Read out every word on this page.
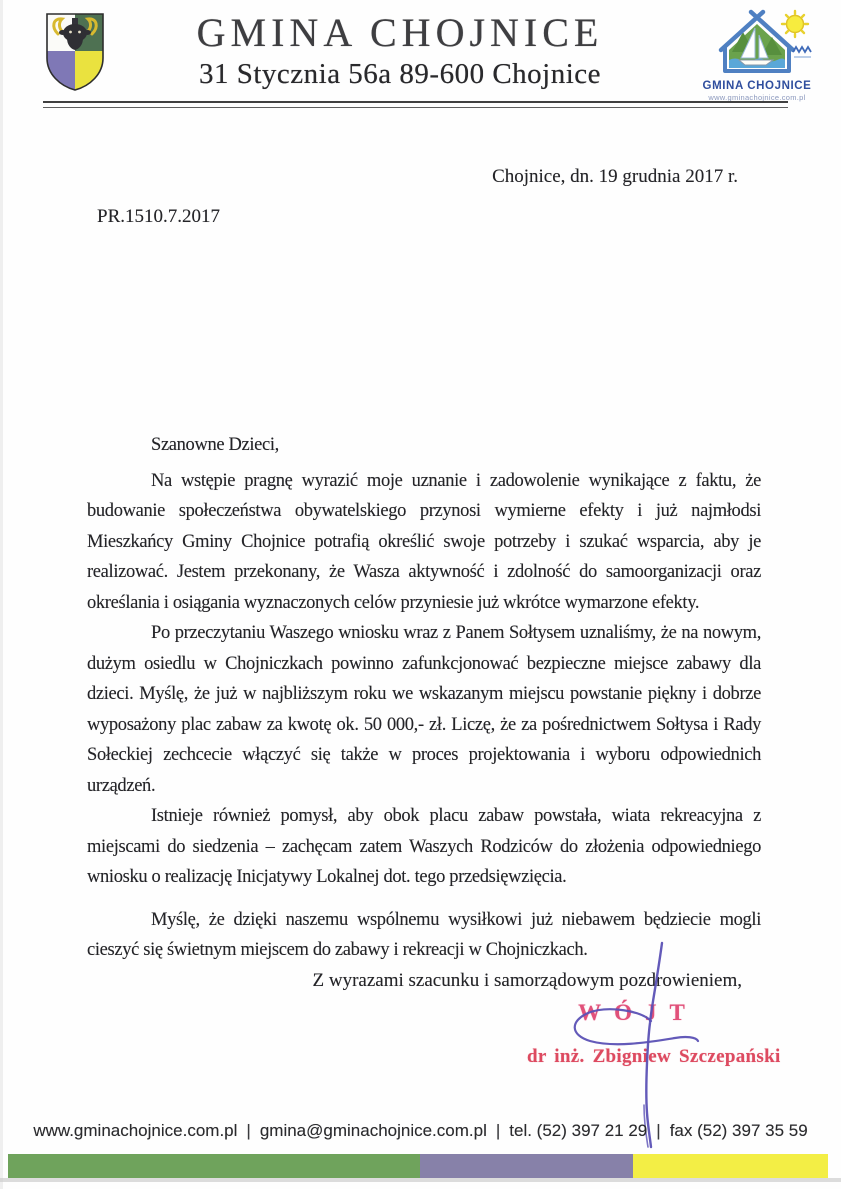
GMINA CHOJNICE
31 Stycznia 56a 89-600 Chojnice	GMINA CHOJNICE
www.gminachojnice.com.pl
Chojnice, dn. 19 grudnia 2017 r.
PR.1510.7.2017

Szanowne Dzieci,

Na wstępie pragnę wyrazić moje uznanie i zadowolenie wynikające z faktu, że budowanie społeczeństwa obywatelskiego przynosi wymierne efekty i już najmłodsi Mieszkańcy Gminy Chojnice potrafią określić swoje potrzeby i szukać wsparcia, aby je realizować. Jestem przekonany, że Wasza aktywność i zdolność do samoorganizacji oraz określania i osiągania wyznaczonych celów przyniesie już wkrótce wymarzone efekty.

Po przeczytaniu Waszego wniosku wraz z Panem Sołtysem uznaliśmy, że na nowym, dużym osiedlu w Chojniczkach powinno zafunkcjonować bezpieczne miejsce zabawy dla dzieci. Myślę, że już w najbliższym roku we wskazanym miejscu powstanie piękny i dobrze wyposażony plac zabaw za kwotę ok. 50 000,- zł. Liczę, że za pośrednictwem Sołtysa i Rady Sołeckiej zechcecie włączyć się także w proces projektowania i wyboru odpowiednich urządzeń.

Istnieje również pomysł, aby obok placu zabaw powstała, wiata rekreacyjna z miejscami do siedzenia – zachęcam zatem Waszych Rodziców do złożenia odpowiedniego wniosku o realizację Inicjatywy Lokalnej dot. tego przedsięwzięcia.

Myślę, że dzięki naszemu wspólnemu wysiłkowi już niebawem będziecie mogli cieszyć się świetnym miejscem do zabawy i rekreacji w Chojniczkach.

Z wyrazami szacunku i samorządowym pozdrowieniem,
WÓJT
dr inż. Zbigniew Szczepański
www.gminachojnice.com.pl | gmina@gminachojnice.com.pl | tel. (52) 397 21 29 | fax (52) 397 35 59
